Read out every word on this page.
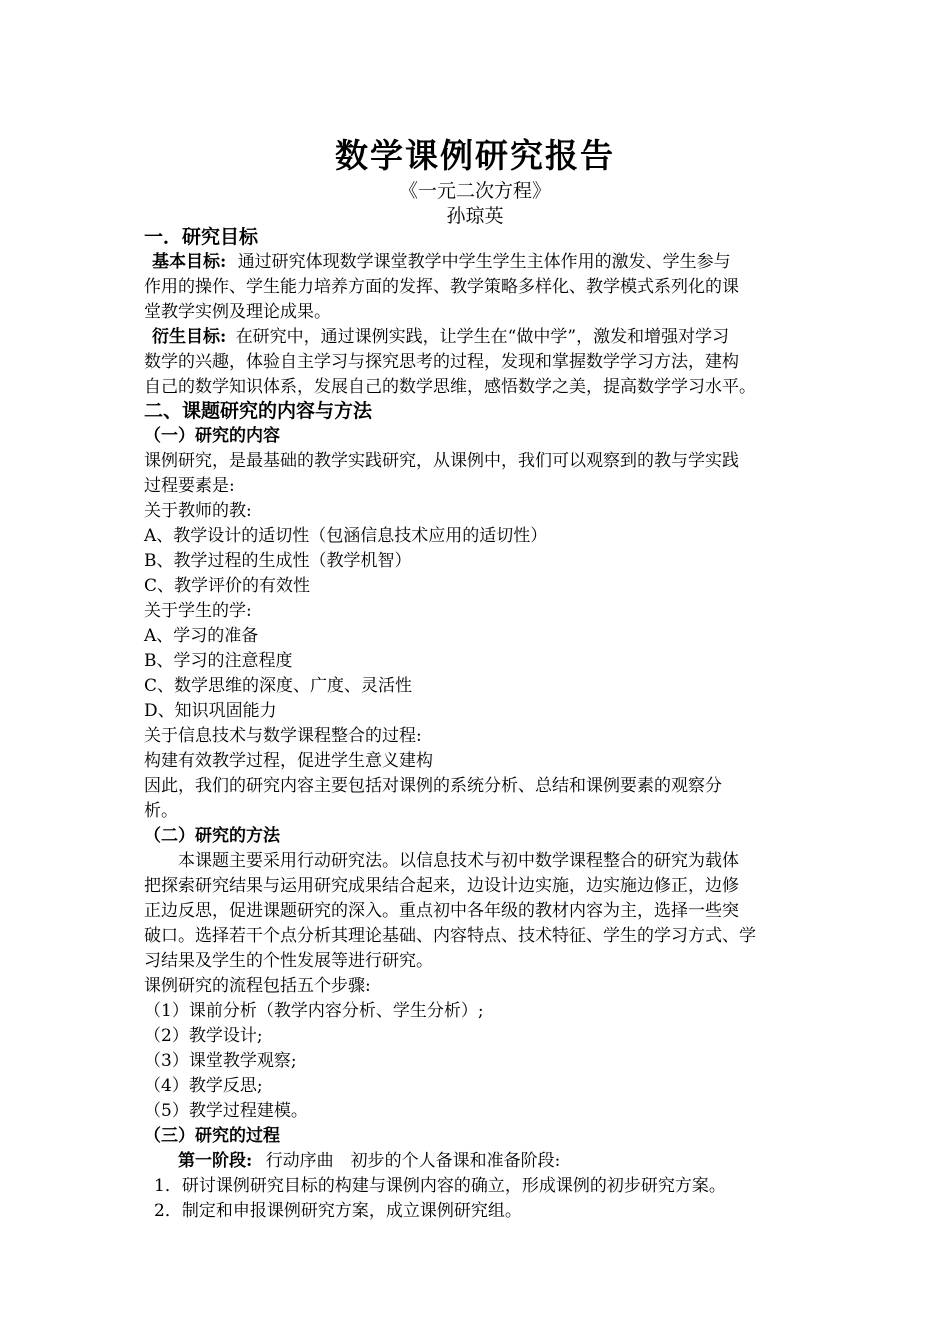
数学课例研究报告
《一元二次方程》
孙琼英
一．研究目标
基本目标: 通过研究体现数学课堂教学中学生学生主体作用的激发、学生参与
作用的操作、学生能力培养方面的发挥、教学策略多样化、教学模式系列化的课
堂教学实例及理论成果。
衍生目标: 在研究中，通过课例实践，让学生在“做中学”，激发和增强对学习
数学的兴趣，体验自主学习与探究思考的过程，发现和掌握数学学习方法，建构
自己的数学知识体系，发展自己的数学思维，感悟数学之美，提高数学学习水平。
二、课题研究的内容与方法
（一）研究的内容
课例研究，是最基础的教学实践研究，从课例中，我们可以观察到的教与学实践
过程要素是:
关于教师的教:
A、教学设计的适切性（包涵信息技术应用的适切性）
B、教学过程的生成性（教学机智）
C、教学评价的有效性
关于学生的学:
A、学习的准备
B、学习的注意程度
C、数学思维的深度、广度、灵活性
D、知识巩固能力
关于信息技术与数学课程整合的过程:
构建有效教学过程，促进学生意义建构
因此，我们的研究内容主要包括对课例的系统分析、总结和课例要素的观察分
析。
（二）研究的方法
本课题主要采用行动研究法。以信息技术与初中数学课程整合的研究为载体
把探索研究结果与运用研究成果结合起来，边设计边实施，边实施边修正，边修
正边反思，促进课题研究的深入。重点初中各年级的教材内容为主，选择一些突
破口。选择若干个点分析其理论基础、内容特点、技术特征、学生的学习方式、学
习结果及学生的个性发展等进行研究。
课例研究的流程包括五个步骤:
（1）课前分析（教学内容分析、学生分析）;
（2）教学设计;
（3）课堂教学观察;
（4）教学反思;
（5）教学过程建模。
（三）研究的过程
第一阶段: 行动序曲　初步的个人备课和准备阶段:
1．研讨课例研究目标的构建与课例内容的确立，形成课例的初步研究方案。
2．制定和申报课例研究方案，成立课例研究组。
